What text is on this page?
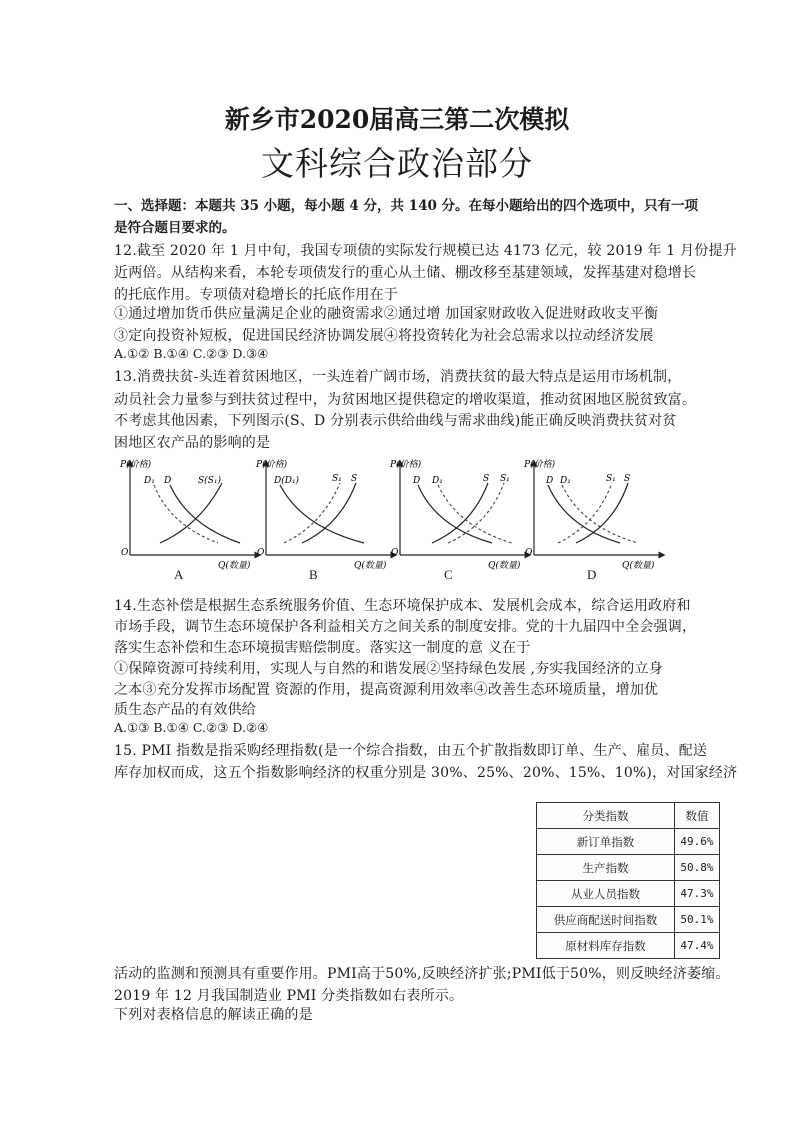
新乡市2020届高三第二次模拟
文科综合政治部分
一、选择题：本题共 35 小题，每小题 4 分，共 140 分。在每小题给出的四个选项中，只有一项
是符合题目要求的。
12.截至 2020 年 1 月中旬，我国专项债的实际发行规模已达 4173 亿元，较 2019 年 1 月份提升
近两倍。从结构来看，本轮专项债发行的重心从土储、棚改移至基建领域，发挥基建对稳增长
的托底作用。专项债对稳增长的托底作用在于
①通过增加货币供应量满足企业的融资需求②通过增 加国家财政收入促进财政收支平衡
③定向投资补短板，促进国民经济协调发展④将投资转化为社会总需求以拉动经济发展
A.①② B.①④ C.②③ D.③④
13.消费扶贫-头连着贫困地区，一头连着广阔市场，消费扶贫的最大特点是运用市场机制，
动员社会力量参与到扶贫过程中，为贫困地区提供稳定的增收渠道，推动贫困地区脱贫致富。
不考虑其他因素，下列图示(S、D 分别表示供给曲线与需求曲线)能正确反映消费扶贫对贫
困地区农产品的影响的是
P(价格)
Q(数量)
O
D₁ D	S(S₁)
A
P(价格)
Q(数量)
O
D(D₁)	S₁ S
B
P(价格)
Q(数量)
O
D D₁	S S₁
C
P(价格)
Q(数量)
O
D D₁	S₁ S
D
14.生态补偿是根据生态系统服务价值、生态环境保护成本、发展机会成本，综合运用政府和
市场手段，调节生态环境保护各利益相关方之间关系的制度安排。党的十九届四中全会强调，
落实生态补偿和生态环境损害赔偿制度。落实这一制度的意 义在于
①保障资源可持续利用，实现人与自然的和谐发展②坚持绿色发展 ,夯实我国经济的立身
之本③充分发挥市场配置 资源的作用，提高资源利用效率④改善生态环境质量，增加优
质生态产品的有效供给
A.①③ B.①④ C.②③ D.②④
15. PMI 指数是指采购经理指数(是一个综合指数，由五个扩散指数即订单、生产、雇员、配送
库存加权而成，这五个指数影响经济的权重分别是 30%、25%、20%、15%、10%)，对国家经济
分类指数	数值
新订单指数	49.6%
生产指数	50.8%
从业人员指数	47.3%
供应商配送时间指数	50.1%
原材料库存指数	47.4%
活动的监测和预测具有重要作用。PMI高于50%,反映经济扩张;PMI低于50%，则反映经济萎缩。
2019 年 12 月我国制造业 PMI 分类指数如右表所示。
下列对表格信息的解读正确的是
